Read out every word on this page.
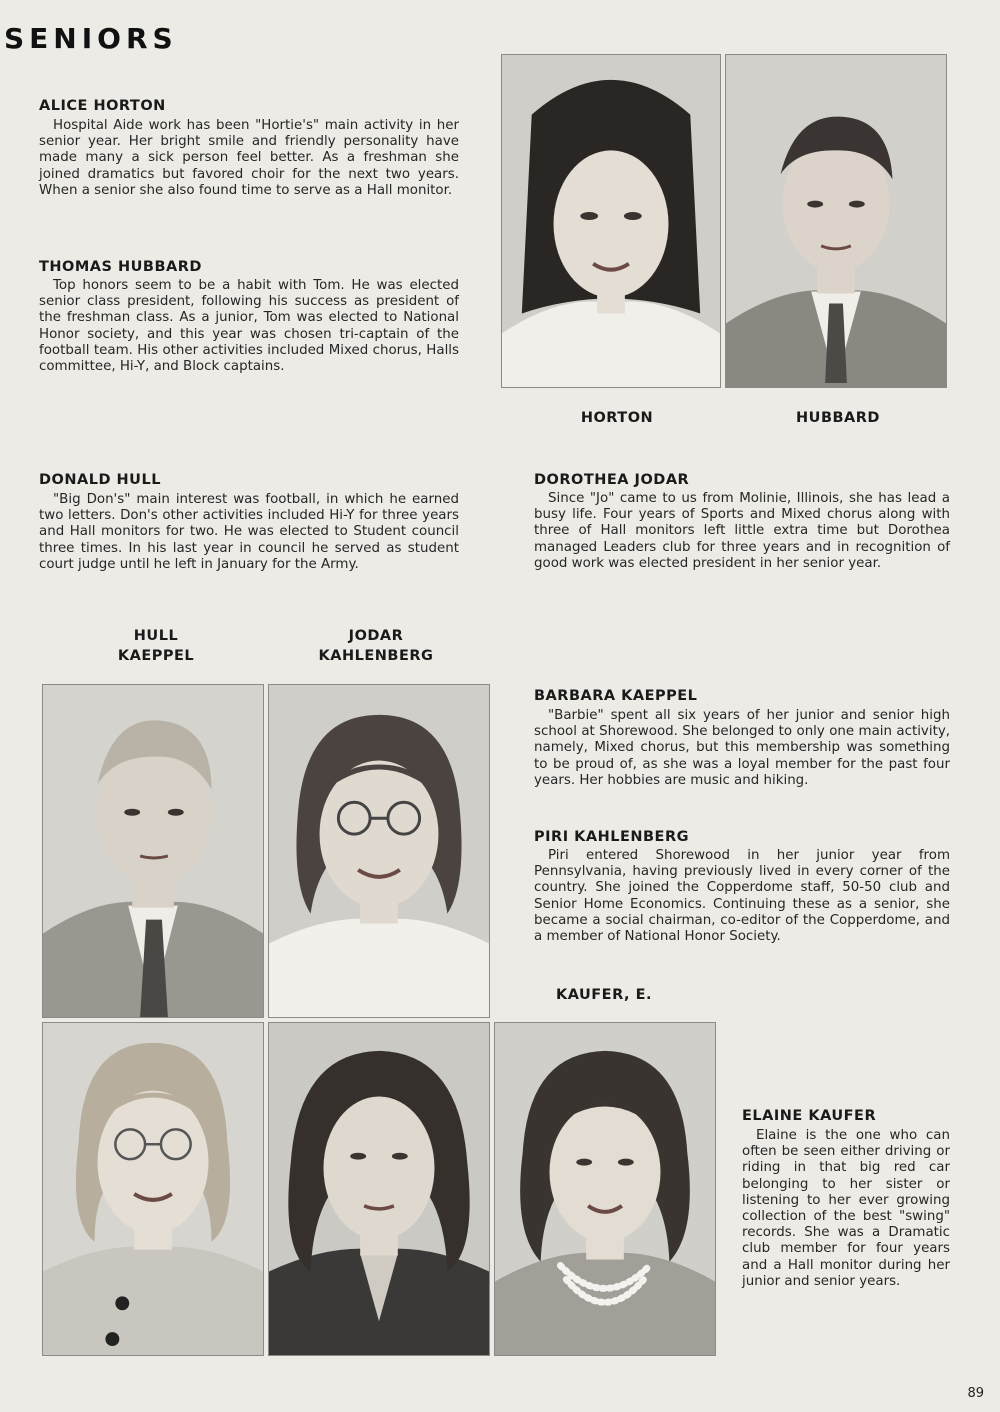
SENIORS
ALICE HORTON

Hospital Aide work has been "Hortie's" main activity in her senior year. Her bright smile and friendly personality have made many a sick person feel better. As a freshman she joined dramatics but favored choir for the next two years. When a senior she also found time to serve as a Hall monitor.

THOMAS HUBBARD

Top honors seem to be a habit with Tom. He was elected senior class president, following his success as president of the freshman class. As a junior, Tom was elected to National Honor society, and this year was chosen tri-captain of the football team. His other activities included Mixed chorus, Halls committee, Hi-Y, and Block captains.

HORTON	HUBBARD
DONALD HULL

"Big Don's" main interest was football, in which he earned two letters. Don's other activities included Hi-Y for three years and Hall monitors for two. He was elected to Student council three times. In his last year in council he served as student court judge until he left in January for the Army.

DOROTHEA JODAR

Since "Jo" came to us from Molinie, Illinois, she has lead a busy life. Four years of Sports and Mixed chorus along with three of Hall monitors left little extra time but Dorothea managed Leaders club for three years and in recognition of good work was elected president in her senior year.

HULL
KAEPPEL
JODAR
KAHLENBERG
BARBARA KAEPPEL

"Barbie" spent all six years of her junior and senior high school at Shorewood. She belonged to only one main activity, namely, Mixed chorus, but this membership was something to be proud of, as she was a loyal member for the past four years. Her hobbies are music and hiking.

PIRI KAHLENBERG

Piri entered Shorewood in her junior year from Pennsylvania, having previously lived in every corner of the country. She joined the Copperdome staff, 50-50 club and Senior Home Economics. Continuing these as a senior, she became a social chairman, co-editor of the Copperdome, and a member of National Honor Society.

KAUFER, E.
ELAINE KAUFER

Elaine is the one who can often be seen either driving or riding in that big red car belonging to her sister or listening to her ever growing collection of the best "swing" records. She was a Dramatic club member for four years and a Hall monitor during her junior and senior years.

89
